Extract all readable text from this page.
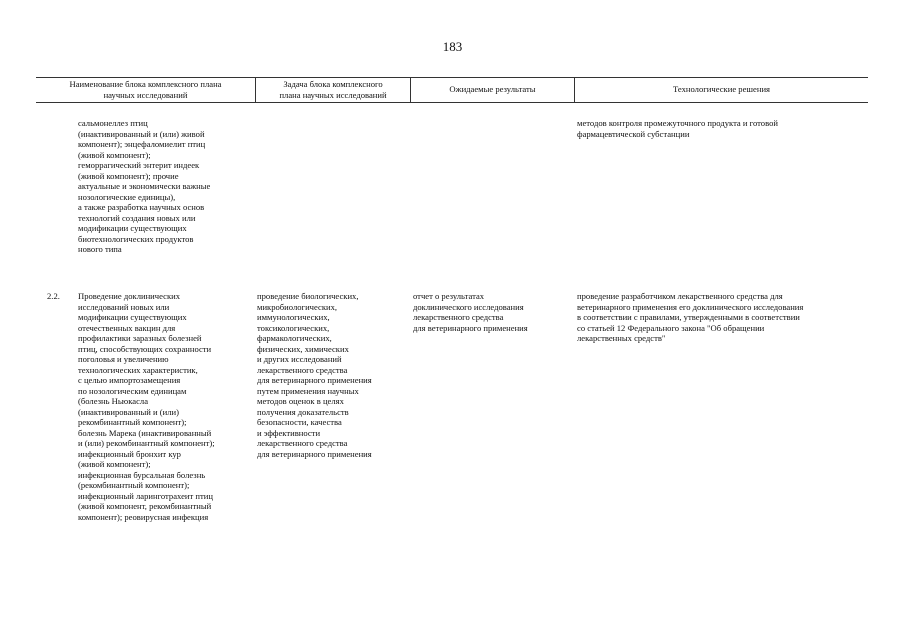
183
Наименование блока комплексного плана
научных исследований
Задача блока комплексного
плана научных исследований
Ожидаемые результаты	Технологические решения
сальмонеллез птиц
(инактивированный и (или) живой
компонент); энцефаломиелит птиц
(живой компонент);
геморрагический энтерит индеек
(живой компонент); прочие
актуальные и экономически важные
нозологические единицы),
а также разработка научных основ
технологий создания новых или
модификации существующих
биотехнологических продуктов
нового типа
методов контроля промежуточного продукта и готовой
фармацевтической субстанции
2.2. Проведение доклинических
исследований новых или
модификации существующих
отечественных вакцин для
профилактики заразных болезней
птиц, способствующих сохранности
поголовья и увеличению
технологических характеристик,
с целью импортозамещения
по нозологическим единицам
(болезнь Ньюкасла
(инактивированный и (или)
рекомбинантный компонент);
болезнь Марека (инактивированный
и (или) рекомбинантный компонент);
инфекционный бронхит кур
(живой компонент);
инфекционная бурсальная болезнь
(рекомбинантный компонент);
инфекционный ларинготрахеит птиц
(живой компонент, рекомбинантный
компонент); реовирусная инфекция
проведение биологических,
микробиологических,
иммунологических,
токсикологических,
фармакологических,
физических, химических
и других исследований
лекарственного средства
для ветеринарного применения
путем применения научных
методов оценок в целях
получения доказательств
безопасности, качества
и эффективности
лекарственного средства
для ветеринарного применения
отчет о результатах
доклинического исследования
лекарственного средства
для ветеринарного применения
проведение разработчиком лекарственного средства для
ветеринарного применения его доклинического исследования
в соответствии с правилами, утвержденными в соответствии
со статьей 12 Федерального закона "Об обращении
лекарственных средств"
